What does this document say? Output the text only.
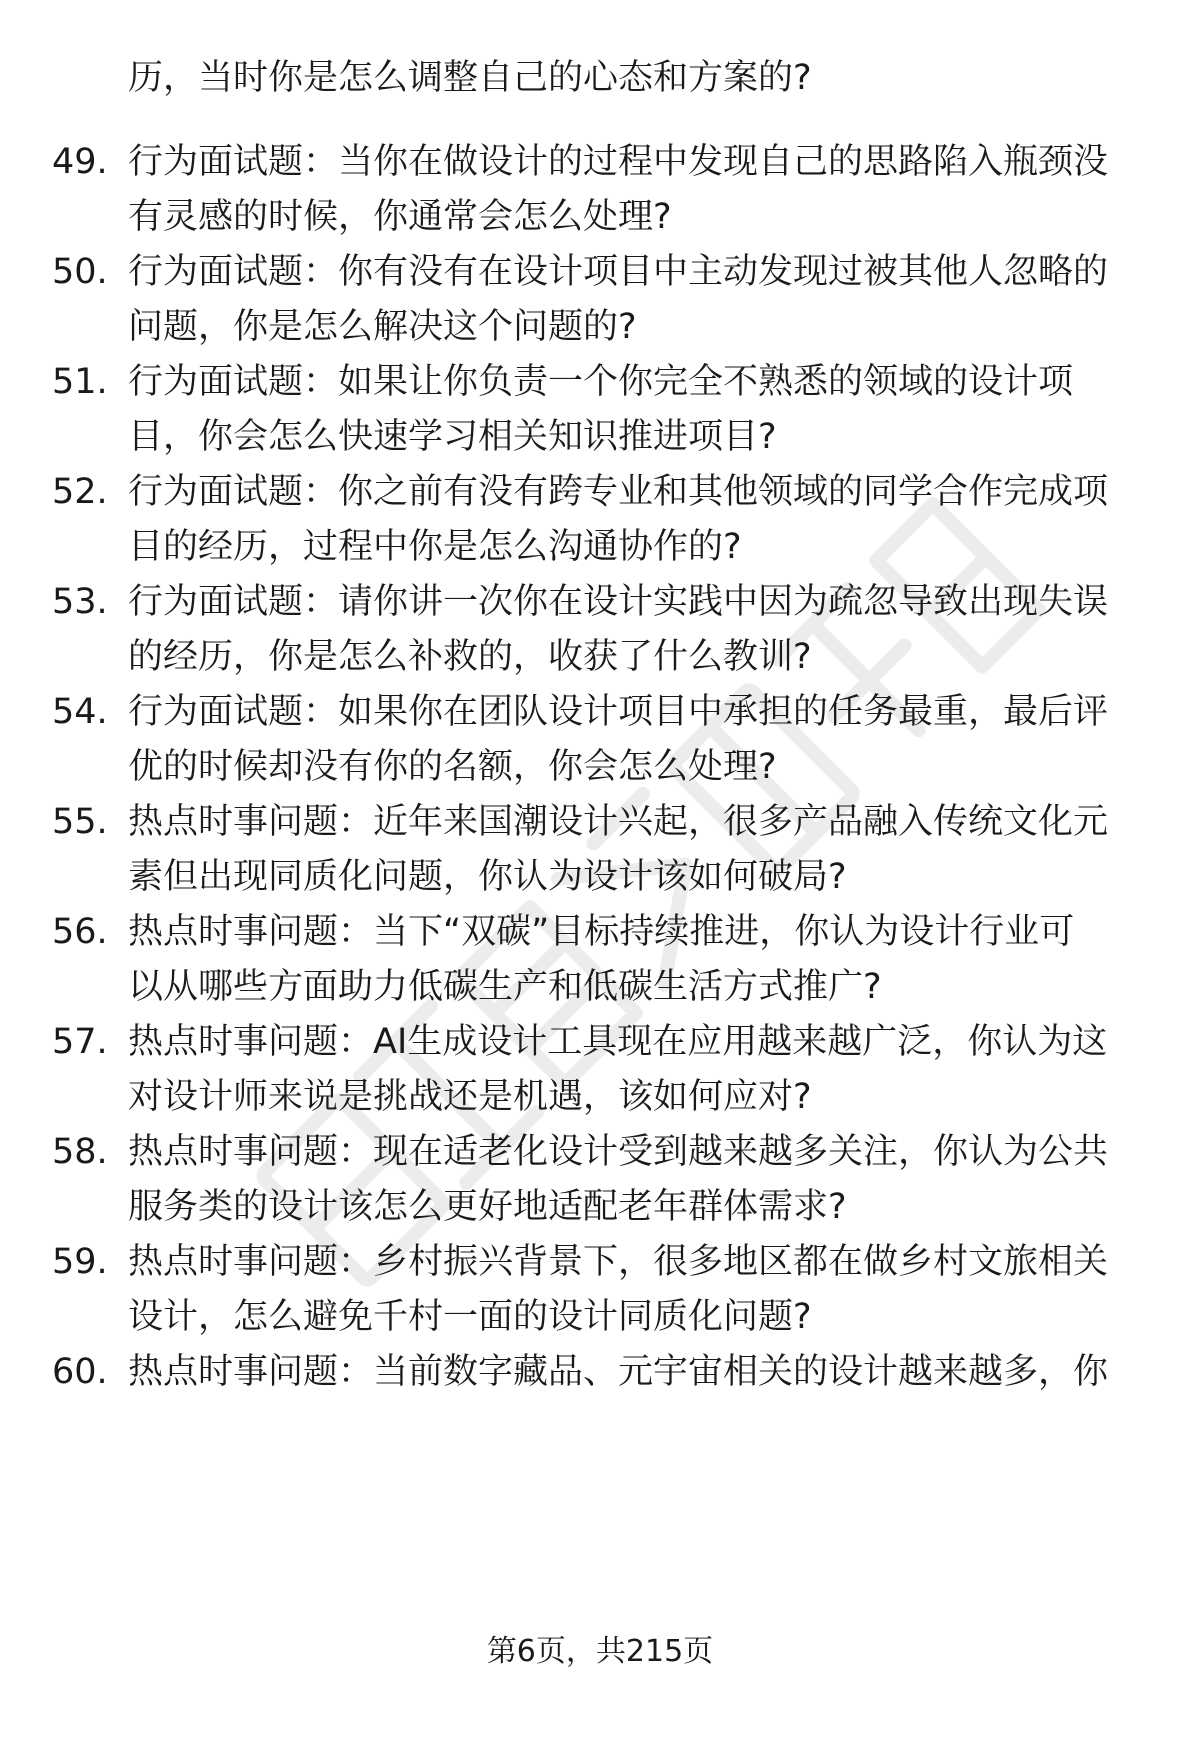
历，当时你是怎么调整自己的心态和方案的?
49. 行为面试题：当你在做设计的过程中发现自己的思路陷入瓶颈没
有灵感的时候，你通常会怎么处理?
50. 行为面试题：你有没有在设计项目中主动发现过被其他人忽略的
问题，你是怎么解决这个问题的?
51. 行为面试题：如果让你负责一个你完全不熟悉的领域的设计项
目，你会怎么快速学习相关知识推进项目?
52. 行为面试题：你之前有没有跨专业和其他领域的同学合作完成项
目的经历，过程中你是怎么沟通协作的?
53. 行为面试题：请你讲一次你在设计实践中因为疏忽导致出现失误
的经历，你是怎么补救的，收获了什么教训?
54. 行为面试题：如果你在团队设计项目中承担的任务最重，最后评
优的时候却没有你的名额，你会怎么处理?
55. 热点时事问题：近年来国潮设计兴起，很多产品融入传统文化元
素但出现同质化问题，你认为设计该如何破局?
56. 热点时事问题：当下“双碳”目标持续推进，你认为设计行业可
以从哪些方面助力低碳生产和低碳生活方式推广?
57. 热点时事问题：AI生成设计工具现在应用越来越广泛，你认为这
对设计师来说是挑战还是机遇，该如何应对?
58. 热点时事问题：现在适老化设计受到越来越多关注，你认为公共
服务类的设计该怎么更好地适配老年群体需求?
59. 热点时事问题：乡村振兴背景下，很多地区都在做乡村文旅相关
设计，怎么避免千村一面的设计同质化问题?
60. 热点时事问题：当前数字藏品、元宇宙相关的设计越来越多，你
第6页，共215页
